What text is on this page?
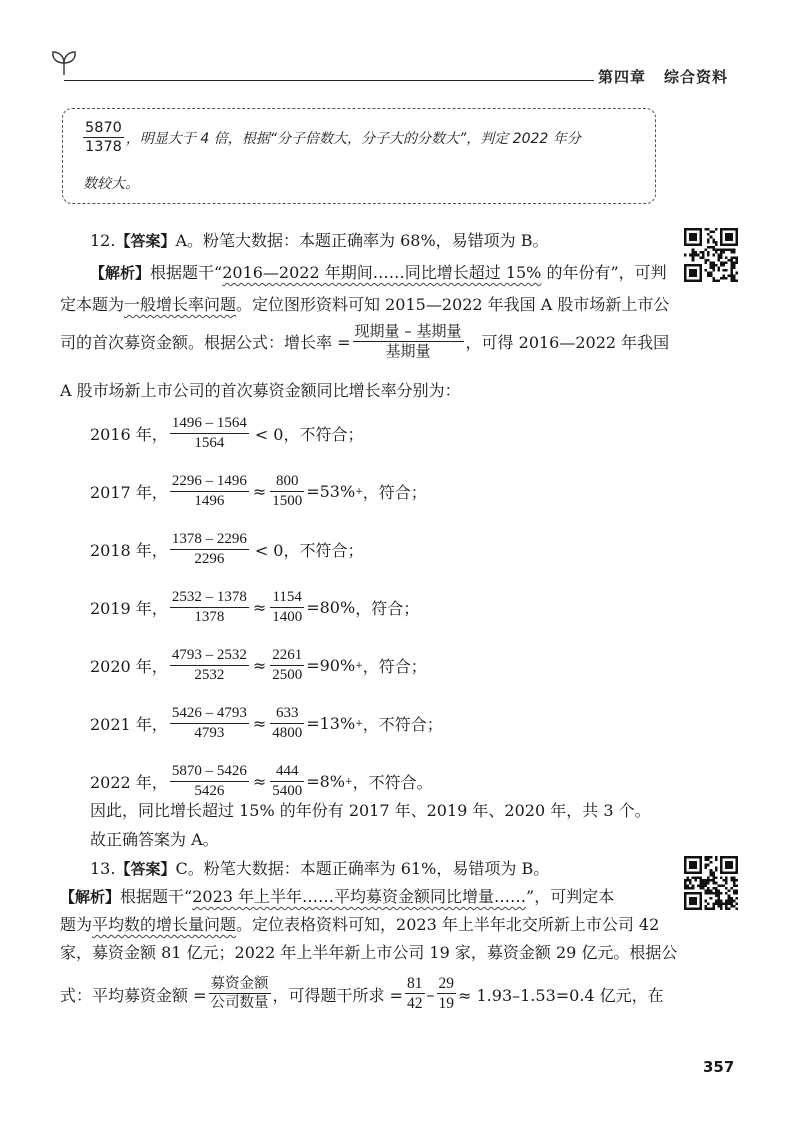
第四章 综合资料
$\frac{5870}{1378}$ ，明显大于 4 倍，根据“分子倍数大，分子大的分数大”，判定 2022 年分
数较大。
12.【答案】A。粉笔大数据：本题正确率为 68%，易错项为 B。
【解析】根据题干“2016—2022 年期间……同比增长超过 15% 的年份有”，可判
定本题为一般增长率问题。定位图形资料可知 2015—2022 年我国 A 股市场新上市公
司的首次募资金额。根据公式：增长率 = $\frac{\text{现期量 – 基期量}}{\text{基期量}}$ ，可得 2016—2022 年我国
A 股市场新上市公司的首次募资金额同比增长率分别为：
2016 年， $\frac{1496 - 1564}{1564} < 0$，不符合；
2017 年， $\frac{2296 - 1496}{1496} \approx \frac{800}{1500} =53\%$ + ，符合；
2018 年， $\frac{1378 - 2296}{2296} < 0$，不符合；
2019 年， $\frac{2532 - 1378}{1378} \approx \frac{1154}{1400} =80\%$ ，符合；
2020 年， $\frac{4793 - 2532}{2532} \approx \frac{2261}{2500} =90\%$ + ，符合；
2021 年， $\frac{5426 - 4793}{4793} \approx \frac{633}{4800} =13\%$ + ，不符合；
2022 年， $\frac{5870 - 5426}{5426} \approx \frac{444}{5400} =8\%$ + ，不符合。
因此，同比增长超过 15% 的年份有 2017 年、2019 年、2020 年，共 3 个。
故正确答案为 A。
13.【答案】C。粉笔大数据：本题正确率为 61%，易错项为 B。
【解析】根据题干“2023 年上半年……平均募资金额同比增量……”，可判定本
题为平均数的增长量问题。定位表格资料可知，2023 年上半年北交所新上市公司 42
家，募资金额 81 亿元；2022 年上半年新上市公司 19 家，募资金额 29 亿元。根据公
式：平均募资金额 = $\frac{\text{募资金额}}{\text{公司数量}}$ ，可得题干所求 = $\frac{81}{42} - \frac{29}{19} \approx 1.93-1.53=0.4$ 亿元，在
357
